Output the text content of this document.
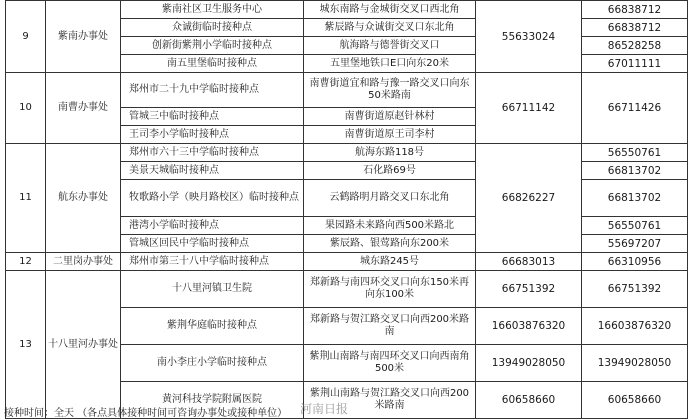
9	紫南办事处	紫南社区卫生服务中心	城东南路与金城街交叉口西北角	55633024	66838712
		众诚街临时接种点	紫辰路与众诚街交叉口东北角		66838712
		创新街紫荆小学临时接种点	航海路与德誉街交叉口		86528258
		南五里堡临时接种点	五里堡地铁口E口向东20米		67011111
10	南曹办事处	郑州市二十九中学临时接种点	南曹街道宜和路与豫一路交叉口向东50米路南	66711142	66711426
		管城三中临时接种点	南曹街道原赵针林村		
		王司李小学临时接种点	南曹街道原王司李村		
11	航东办事处	郑州市六十三中学临时接种点	航海东路118号	66826227	56550761
		美景天城临时接种点	石化路69号		66813702
		牧歌路小学（映月路校区）临时接种点	云鹤路明月路交叉口东北角		66813702
		港湾小学临时接种点	果园路未来路向西500米路北		56550761
		管城区回民中学临时接种点	紫辰路、银莺路向东200米		55697207
12	二里岗办事处	郑州市第三十八中学临时接种点	城东路245号	66683013	66310956
13	十八里河办事处	十八里河镇卫生院	郑新路与南四环交叉口向东150米再向东100米	66751392	66751392
		紫荆华庭临时接种点	郑新路与贺江路交叉口向西200米路南	16603876320	16603876320
		南小李庄小学临时接种点	紫荆山南路与南四环交叉口向西南角500米	13949028050	13949028050
		黄河科技学院附属医院	紫荆山南路与贺江路交叉口向西200米路南	60658660	60658660
接种时间：全天 （各点具体接种时间可咨询办事处或接种单位） 河南日报
